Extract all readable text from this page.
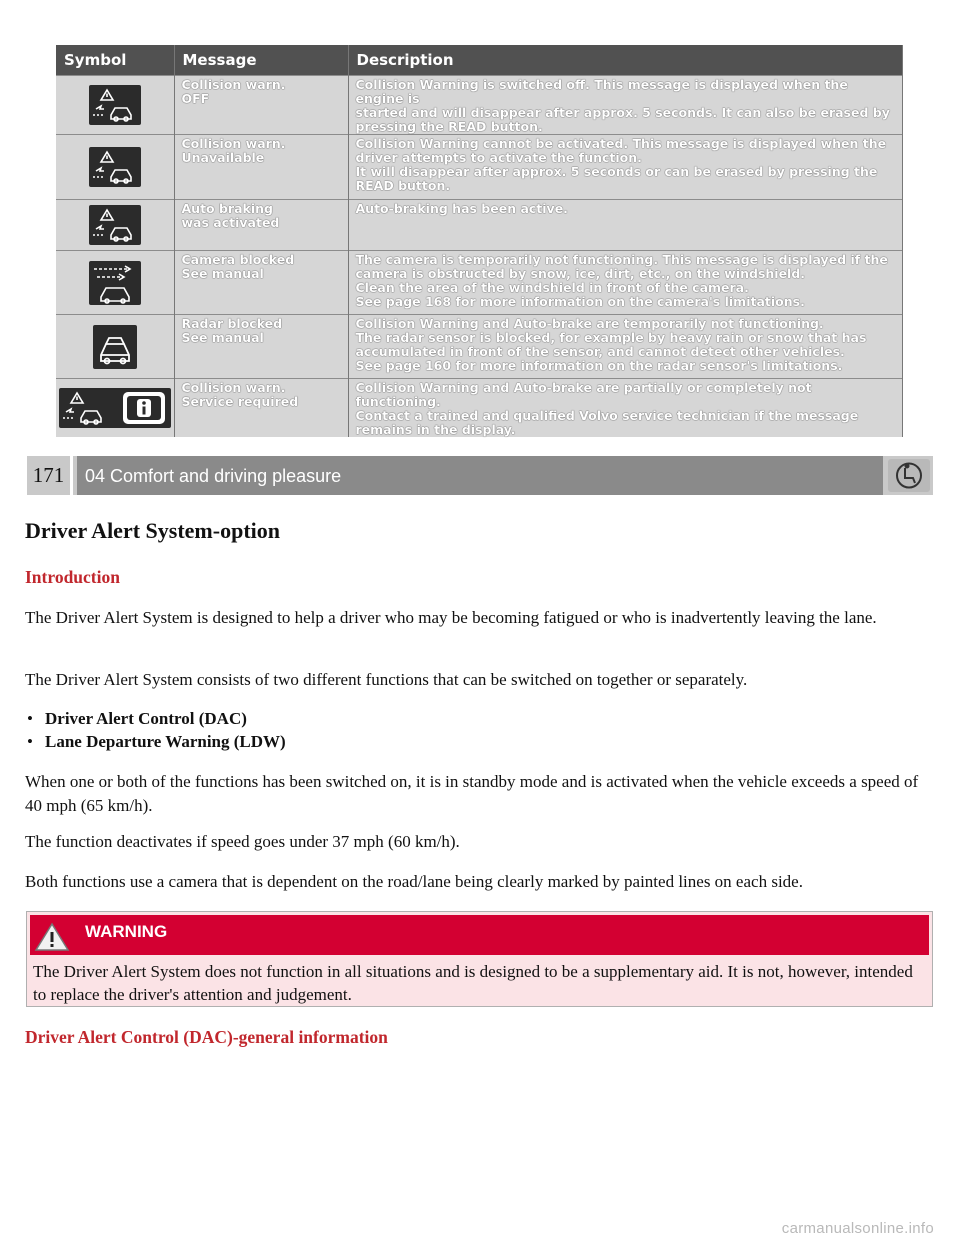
Symbol	Message	Description

Collision warn.
OFF	Collision Warning is switched off. This message is displayed when the engine is
started and will disappear after approx. 5 seconds. It can also be erased by
pressing the READ button.

Collision warn.
Unavailable	Collision Warning cannot be activated. This message is displayed when the
driver attempts to activate the function.
It will disappear after approx. 5 seconds or can be erased by pressing the
READ button.

Auto braking
was activated	Auto-braking has been active.

Camera blocked
See manual	The camera is temporarily not functioning. This message is displayed if the
camera is obstructed by snow, ice, dirt, etc., on the windshield.
Clean the area of the windshield in front of the camera.
See page 168 for more information on the camera's limitations.

Radar blocked
See manual	Collision Warning and Auto-brake are temporarily not functioning.
The radar sensor is blocked, for example by heavy rain or snow that has
accumulated in front of the sensor, and cannot detect other vehicles.
See page 160 for more information on the radar sensor's limitations.

Collision warn.
Service required	Collision Warning and Auto-brake are partially or completely not functioning.
Contact a trained and qualified Volvo service technician if the message
remains in the display.
171	04 Comfort and driving pleasure
Driver Alert System-option
Introduction

The Driver Alert System is designed to help a driver who may be becoming fatigued or who is inadvertently leaving the lane.

The Driver Alert System consists of two different functions that can be switched on together or separately.

• Driver Alert Control (DAC)
• Lane Departure Warning (LDW)

When one or both of the functions has been switched on, it is in standby mode and is activated when the vehicle exceeds a speed of 40 mph (65 km/h).

The function deactivates if speed goes under 37 mph (60 km/h).

Both functions use a camera that is dependent on the road/lane being clearly marked by painted lines on each side.

WARNING

The Driver Alert System does not function in all situations and is designed to be a supplementary aid. It is not, however, intended to replace the driver's attention and judgement.

Driver Alert Control (DAC)-general information
carmanualsonline.info
